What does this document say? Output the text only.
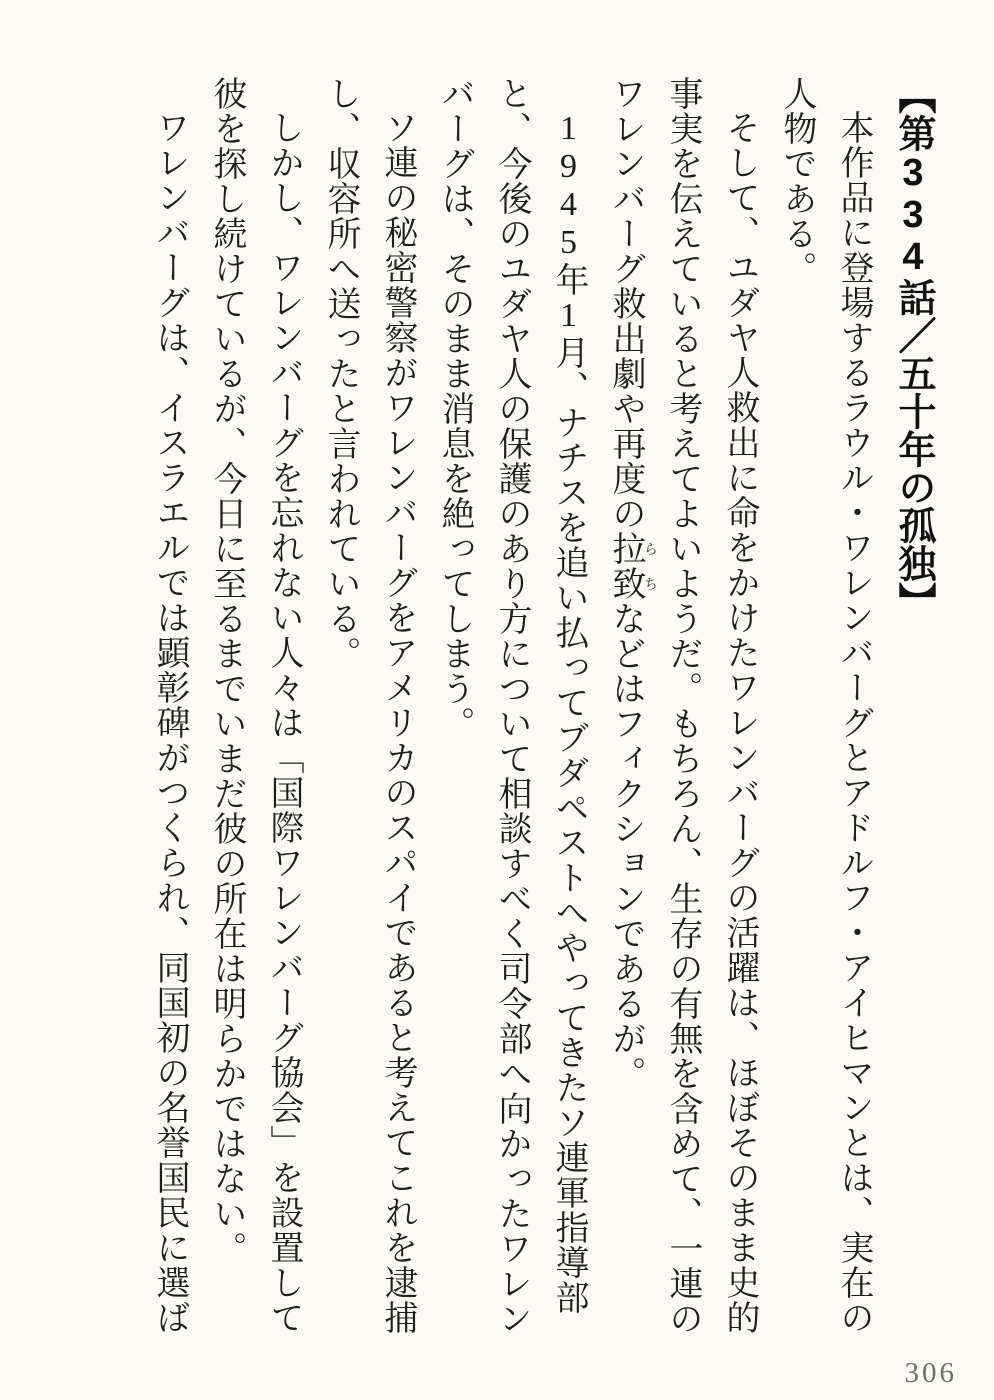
【第334話／五十年の孤独】

本作品に登場するラウル・ワレンバーグとアドルフ・アイヒマンとは、実在の人物である。

そして、ユダヤ人救出に命をかけたワレンバーグの活躍は、ほぼそのまま史的事実を伝えていると考えてよいようだ。もちろん、生存の有無を含めて、一連のワレンバーグ救出劇や再度の拉致らちなどはフィクションであるが。

1945年1月、ナチスを追い払ってブダペストへやってきたソ連軍指導部と、今後のユダヤ人の保護のあり方について相談すべく司令部へ向かったワレンバーグは、そのまま消息を絶ってしまう。

ソ連の秘密警察がワレンバーグをアメリカのスパイであると考えてこれを逮捕し、収容所へ送ったと言われている。

しかし、ワレンバーグを忘れない人々は「国際ワレンバーグ協会」を設置して彼を探し続けているが、今日に至るまでいまだ彼の所在は明らかではない。

ワレンバーグは、イスラエルでは顕彰碑がつくられ、同国初の名誉国民に選ば

306
